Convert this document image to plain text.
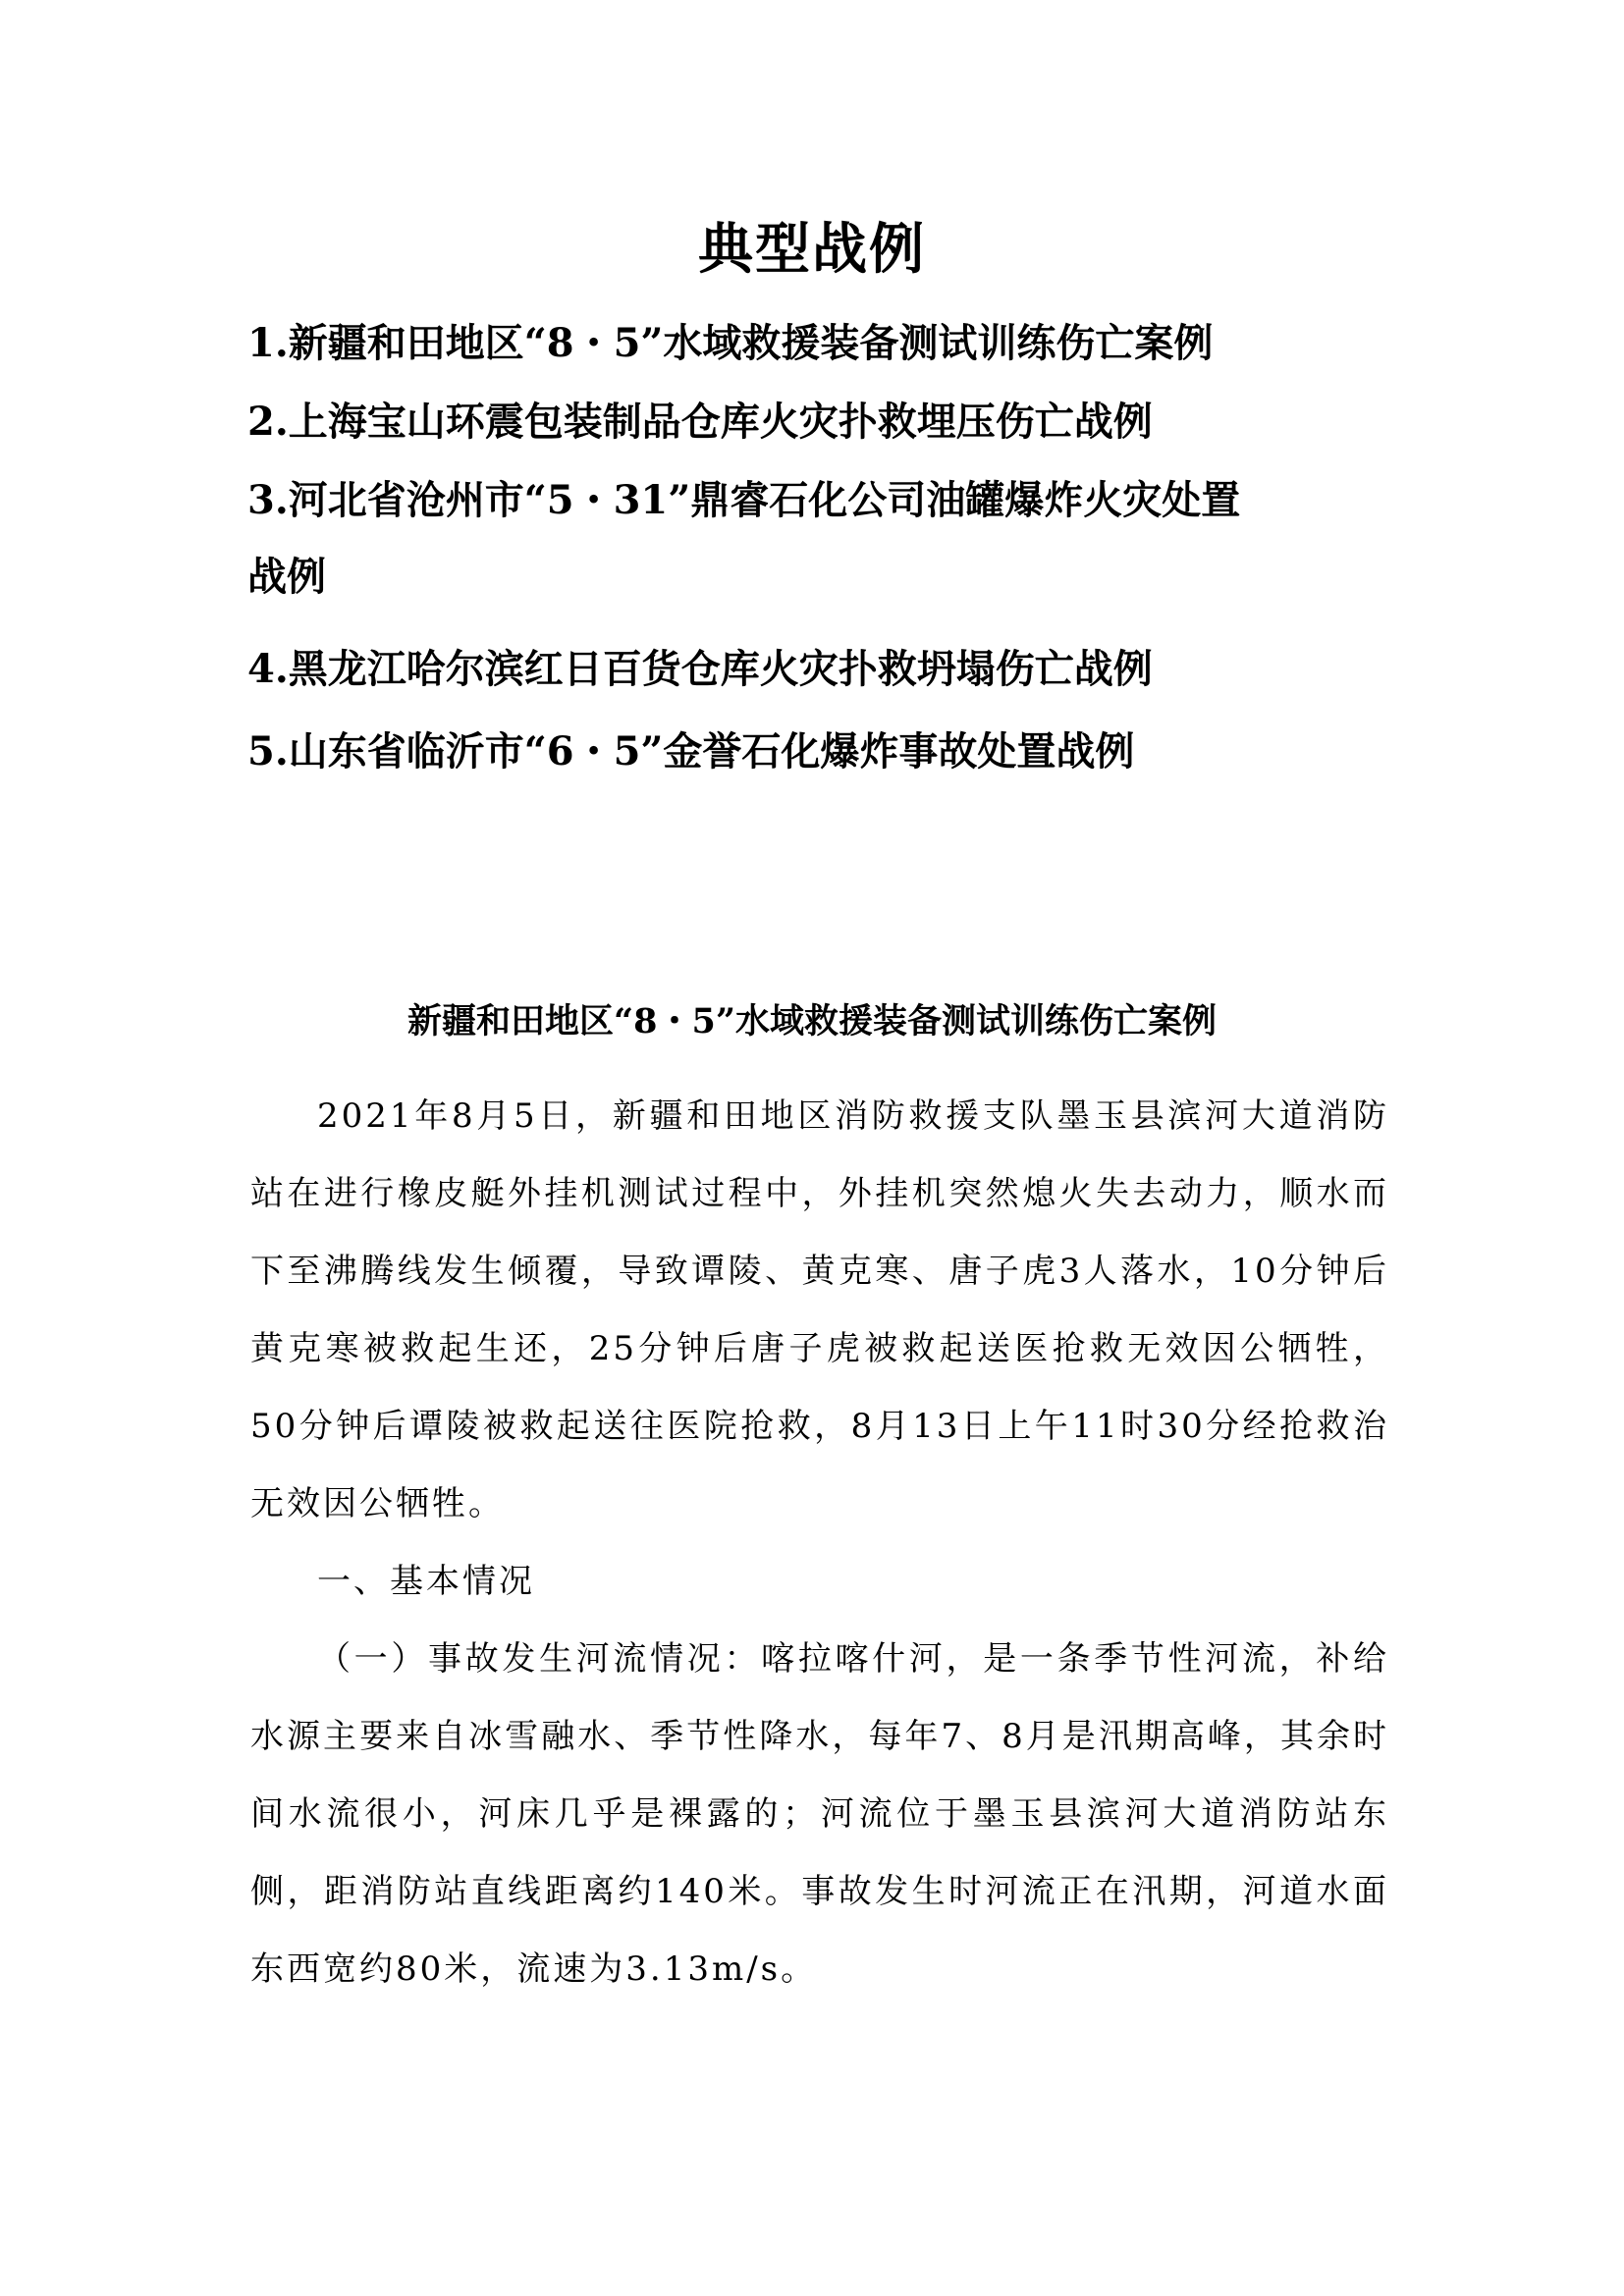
典型战例
1.新疆和田地区“8・5”水域救援装备测试训练伤亡案例
2.上海宝山环震包装制品仓库火灾扑救埋压伤亡战例
3.河北省沧州市“5・31”鼎睿石化公司油罐爆炸火灾处置
战例
4.黑龙江哈尔滨红日百货仓库火灾扑救坍塌伤亡战例
5.山东省临沂市“6・5”金誉石化爆炸事故处置战例
新疆和田地区“8・5”水域救援装备测试训练伤亡案例

2021年8月5日，新疆和田地区消防救援支队墨玉县滨河大道消防站在进行橡皮艇外挂机测试过程中，外挂机突然熄火失去动力，顺水而下至沸腾线发生倾覆，导致谭陵、黄克寒、唐子虎3人落水，10分钟后黄克寒被救起生还，25分钟后唐子虎被救起送医抢救无效因公牺牲，50分钟后谭陵被救起送往医院抢救，8月13日上午11时30分经抢救治无效因公牺牲。

一、基本情况

（一）事故发生河流情况：喀拉喀什河，是一条季节性河流，补给水源主要来自冰雪融水、季节性降水，每年7、8月是汛期高峰，其余时间水流很小，河床几乎是裸露的；河流位于墨玉县滨河大道消防站东侧，距消防站直线距离约140米。事故发生时河流正在汛期，河道水面东西宽约80米，流速为3.13m/s。
